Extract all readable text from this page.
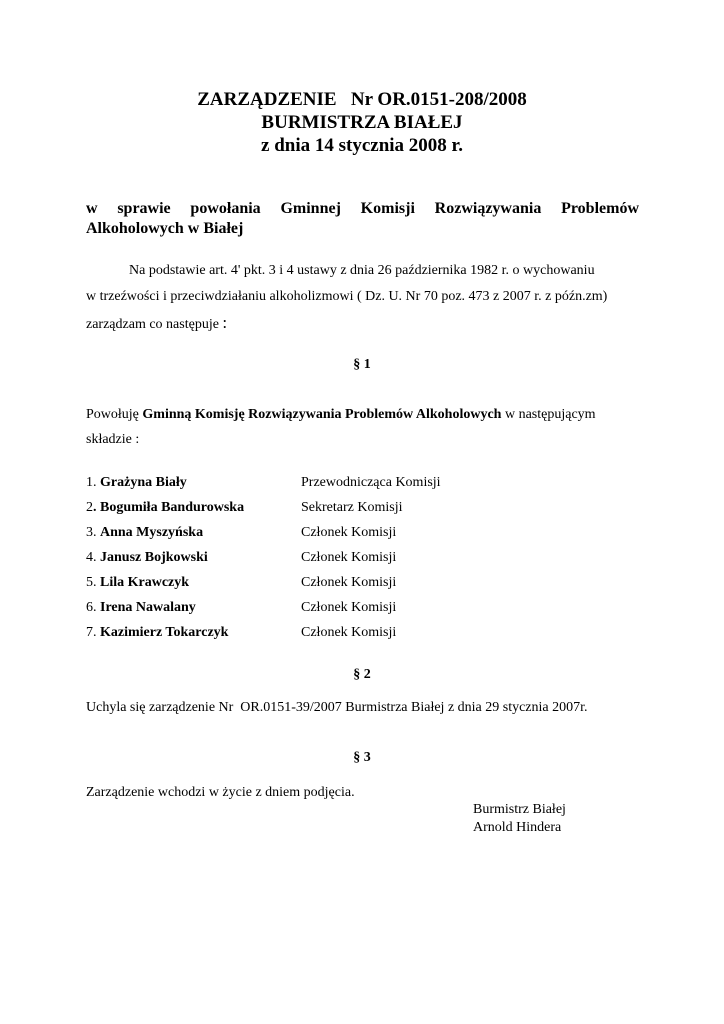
ZARZĄDZENIE   Nr OR.0151-208/2008
BURMISTRZA BIAŁEJ
z dnia 14 stycznia 2008 r.
w sprawie powołania Gminnej Komisji Rozwiązywania Problemów
Alkoholowych w Białej
Na podstawie art. 4' pkt. 3 i 4 ustawy z dnia 26 października 1982 r. o wychowaniu
w trzeźwości i przeciwdziałaniu alkoholizmowi ( Dz. U. Nr 70 poz. 473 z 2007 r. z późn.zm)
zarządzam co następuje :
§ 1
Powołuję Gminną Komisję Rozwiązywania Problemów Alkoholowych w następującym
składzie :
1. Grażyna Biały	Przewodnicząca Komisji
2. Bogumiła Bandurowska	Sekretarz Komisji
3. Anna Myszyńska	Członek Komisji
4. Janusz Bojkowski	Członek Komisji
5. Lila Krawczyk	Członek Komisji
6. Irena Nawalany	Członek Komisji
7. Kazimierz Tokarczyk	Członek Komisji
§ 2
Uchyla się zarządzenie Nr  OR.0151-39/2007 Burmistrza Białej z dnia 29 stycznia 2007r.
§ 3
Zarządzenie wchodzi w życie z dniem podjęcia.
Burmistrz Białej
Arnold Hindera
